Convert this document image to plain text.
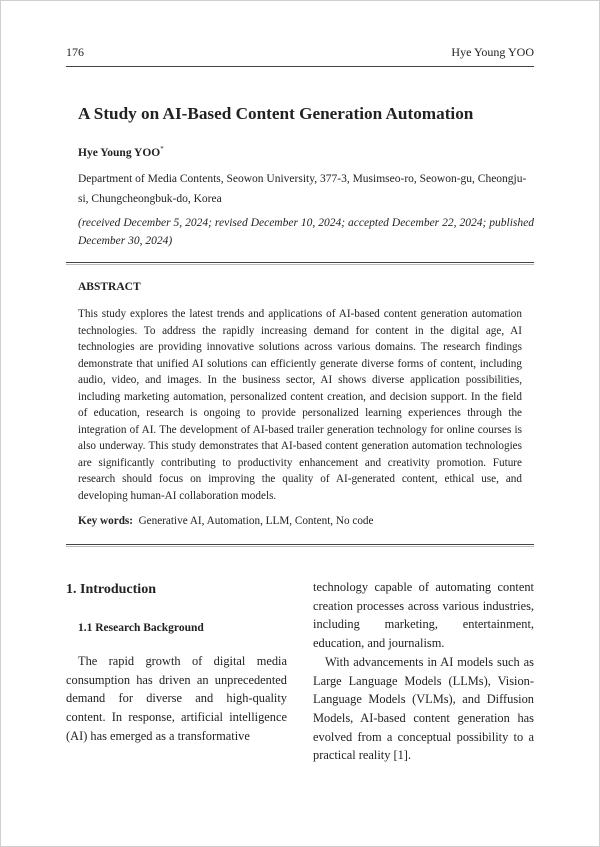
176	Hye Young YOO
A Study on AI-Based Content Generation Automation
Hye Young YOO*

Department of Media Contents, Seowon University, 377-3, Musimseo-ro, Seowon-gu, Cheongju-si, Chungcheongbuk-do, Korea

(received December 5, 2024; revised December 10, 2024; accepted December 22, 2024; published December 30, 2024)

ABSTRACT

This study explores the latest trends and applications of AI-based content generation automation technologies. To address the rapidly increasing demand for content in the digital age, AI technologies are providing innovative solutions across various domains. The research findings demonstrate that unified AI solutions can efficiently generate diverse forms of content, including audio, video, and images. In the business sector, AI shows diverse application possibilities, including marketing automation, personalized content creation, and decision support. In the field of education, research is ongoing to provide personalized learning experiences through the integration of AI. The development of AI-based trailer generation technology for online courses is also underway. This study demonstrates that AI-based content generation automation technologies are significantly contributing to productivity enhancement and creativity promotion. Future research should focus on improving the quality of AI-generated content, ethical use, and developing human-AI collaboration models.

Key words: Generative AI, Automation, LLM, Content, No code

1. Introduction
1.1 Research Background

The rapid growth of digital media consumption has driven an unprecedented demand for diverse and high-quality content. In response, artificial intelligence (AI) has emerged as a transformative

technology capable of automating content creation processes across various industries, including marketing, entertainment, education, and journalism.

With advancements in AI models such as Large Language Models (LLMs), Vision-Language Models (VLMs), and Diffusion Models, AI-based content generation has evolved from a conceptual possibility to a practical reality [1].
